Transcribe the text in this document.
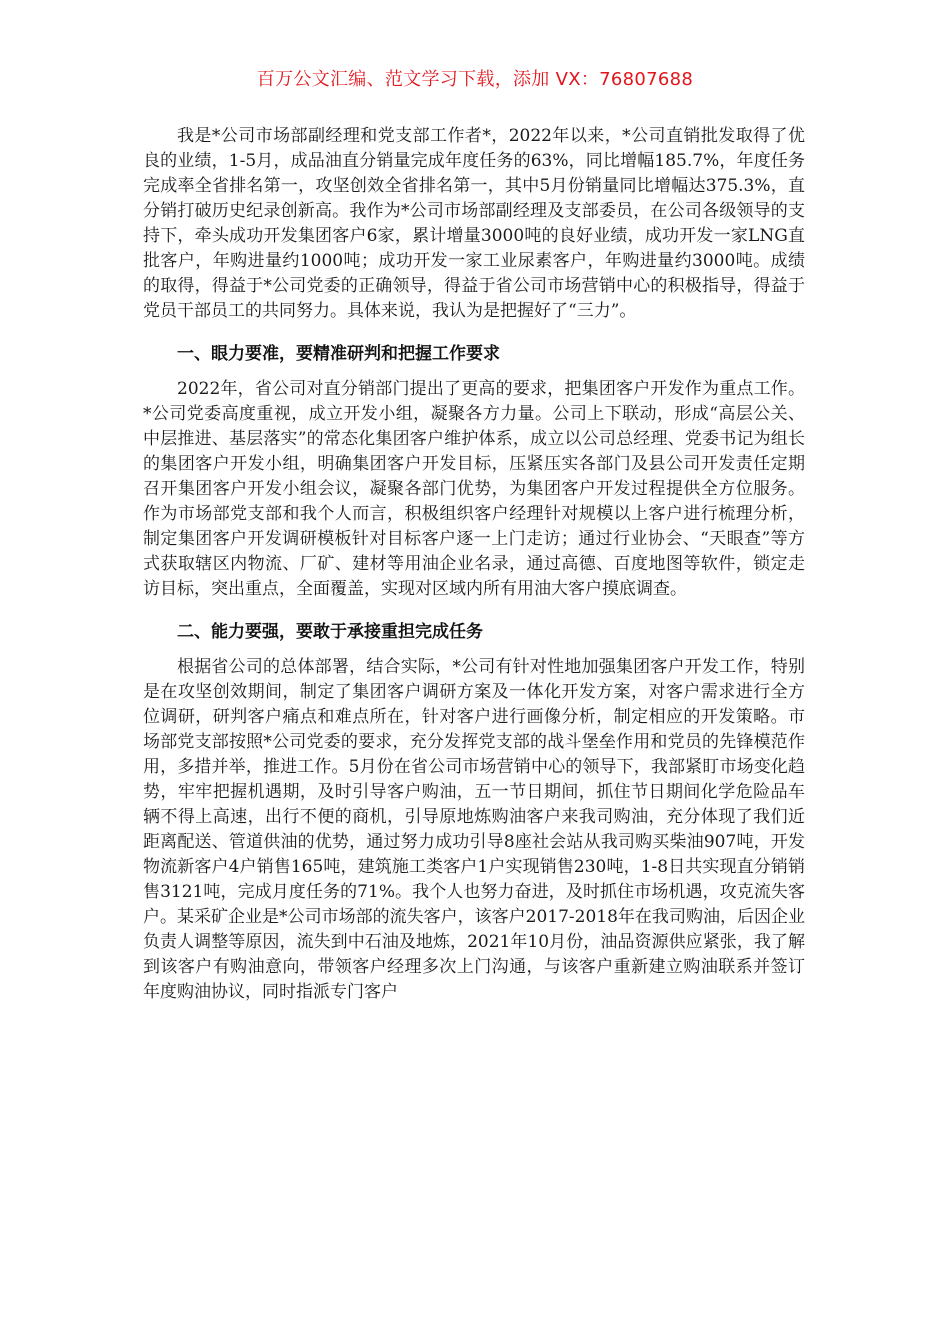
百万公文汇编、范文学习下载，添加 VX：76807688

我是*公司市场部副经理和党支部工作者*，2022年以来，*公司直销批发取得了优良的业绩，1-5月，成品油直分销量完成年度任务的63%，同比增幅185.7%，年度任务完成率全省排名第一，攻坚创效全省排名第一，其中5月份销量同比增幅达375.3%，直分销打破历史纪录创新高。我作为*公司市场部副经理及支部委员，在公司各级领导的支持下，牵头成功开发集团客户6家，累计增量3000吨的良好业绩，成功开发一家LNG直批客户，年购进量约1000吨；成功开发一家工业尿素客户，年购进量约3000吨。成绩的取得，得益于*公司党委的正确领导，得益于省公司市场营销中心的积极指导，得益于党员干部员工的共同努力。具体来说，我认为是把握好了“三力”。

一、眼力要准，要精准研判和把握工作要求

2022年，省公司对直分销部门提出了更高的要求，把集团客户开发作为重点工作。*公司党委高度重视，成立开发小组，凝聚各方力量。公司上下联动，形成“高层公关、中层推进、基层落实”的常态化集团客户维护体系，成立以公司总经理、党委书记为组长的集团客户开发小组，明确集团客户开发目标，压紧压实各部门及县公司开发责任定期召开集团客户开发小组会议，凝聚各部门优势，为集团客户开发过程提供全方位服务。作为市场部党支部和我个人而言，积极组织客户经理针对规模以上客户进行梳理分析，制定集团客户开发调研模板针对目标客户逐一上门走访；通过行业协会、“天眼查”等方式获取辖区内物流、厂矿、建材等用油企业名录，通过高德、百度地图等软件，锁定走访目标，突出重点，全面覆盖，实现对区域内所有用油大客户摸底调查。

二、能力要强，要敢于承接重担完成任务

根据省公司的总体部署，结合实际，*公司有针对性地加强集团客户开发工作，特别是在攻坚创效期间，制定了集团客户调研方案及一体化开发方案，对客户需求进行全方位调研，研判客户痛点和难点所在，针对客户进行画像分析，制定相应的开发策略。市场部党支部按照*公司党委的要求，充分发挥党支部的战斗堡垒作用和党员的先锋模范作用，多措并举，推进工作。5月份在省公司市场营销中心的领导下，我部紧盯市场变化趋势，牢牢把握机遇期，及时引导客户购油，五一节日期间，抓住节日期间化学危险品车辆不得上高速，出行不便的商机，引导原地炼购油客户来我司购油，充分体现了我们近距离配送、管道供油的优势，通过努力成功引导8座社会站从我司购买柴油907吨，开发物流新客户4户销售165吨，建筑施工类客户1户实现销售230吨，1-8日共实现直分销销售3121吨，完成月度任务的71%。我个人也努力奋进，及时抓住市场机遇，攻克流失客户。某采矿企业是*公司市场部的流失客户，该客户2017-2018年在我司购油，后因企业负责人调整等原因，流失到中石油及地炼，2021年10月份，油品资源供应紧张，我了解到该客户有购油意向，带领客户经理多次上门沟通，与该客户重新建立购油联系并签订年度购油协议，同时指派专门客户
